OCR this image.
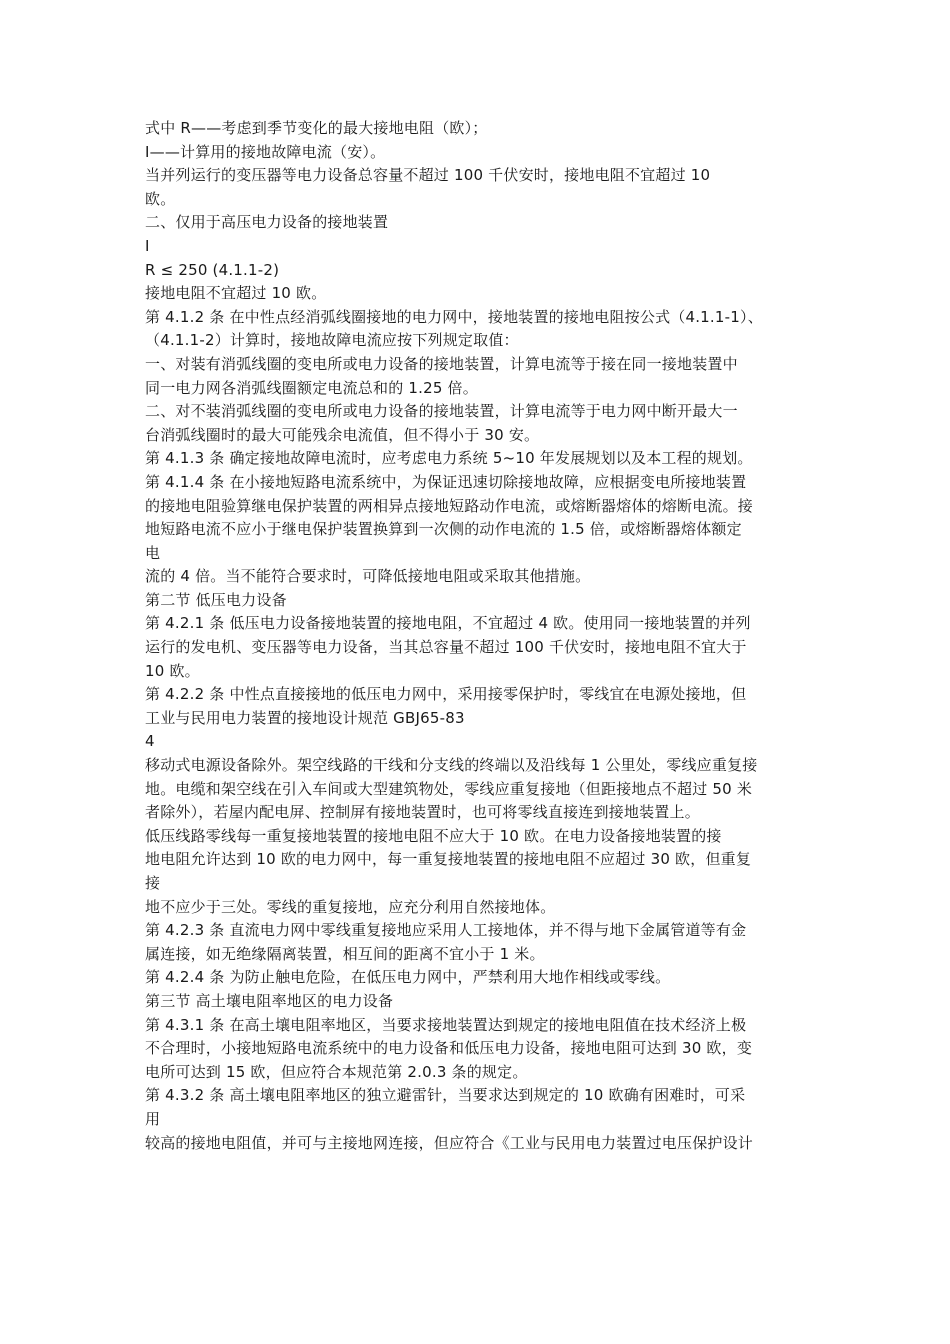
式中 R——考虑到季节变化的最大接地电阻（欧）；
I——计算用的接地故障电流（安）。
当并列运行的变压器等电力设备总容量不超过 100 千伏安时，接地电阻不宜超过 10
欧。
二、仅用于高压电力设备的接地装置
I
R ≤ 250 (4.1.1-2)
接地电阻不宜超过 10 欧。
第 4.1.2 条 在中性点经消弧线圈接地的电力网中，接地装置的接地电阻按公式（4.1.1-1）、
（4.1.1-2）计算时，接地故障电流应按下列规定取值：
一、对装有消弧线圈的变电所或电力设备的接地装置，计算电流等于接在同一接地装置中
同一电力网各消弧线圈额定电流总和的 1.25 倍。
二、对不装消弧线圈的变电所或电力设备的接地装置，计算电流等于电力网中断开最大一
台消弧线圈时的最大可能残余电流值，但不得小于 30 安。
第 4.1.3 条 确定接地故障电流时，应考虑电力系统 5~10 年发展规划以及本工程的规划。
第 4.1.4 条 在小接地短路电流系统中，为保证迅速切除接地故障，应根据变电所接地装置
的接地电阻验算继电保护装置的两相异点接地短路动作电流，或熔断器熔体的熔断电流。接
地短路电流不应小于继电保护装置换算到一次侧的动作电流的 1.5 倍，或熔断器熔体额定
电
流的 4 倍。当不能符合要求时，可降低接地电阻或采取其他措施。
第二节 低压电力设备
第 4.2.1 条 低压电力设备接地装置的接地电阻，不宜超过 4 欧。使用同一接地装置的并列
运行的发电机、变压器等电力设备，当其总容量不超过 100 千伏安时，接地电阻不宜大于
10 欧。
第 4.2.2 条 中性点直接接地的低压电力网中，采用接零保护时，零线宜在电源处接地，但
工业与民用电力装置的接地设计规范 GBJ65-83
4
移动式电源设备除外。架空线路的干线和分支线的终端以及沿线每 1 公里处，零线应重复接
地。电缆和架空线在引入车间或大型建筑物处，零线应重复接地（但距接地点不超过 50 米
者除外），若屋内配电屏、控制屏有接地装置时，也可将零线直接连到接地装置上。
低压线路零线每一重复接地装置的接地电阻不应大于 10 欧。在电力设备接地装置的接
地电阻允许达到 10 欧的电力网中，每一重复接地装置的接地电阻不应超过 30 欧，但重复
接
地不应少于三处。零线的重复接地，应充分利用自然接地体。
第 4.2.3 条 直流电力网中零线重复接地应采用人工接地体，并不得与地下金属管道等有金
属连接，如无绝缘隔离装置，相互间的距离不宜小于 1 米。
第 4.2.4 条 为防止触电危险，在低压电力网中，严禁利用大地作相线或零线。
第三节 高土壤电阻率地区的电力设备
第 4.3.1 条 在高土壤电阻率地区，当要求接地装置达到规定的接地电阻值在技术经济上极
不合理时，小接地短路电流系统中的电力设备和低压电力设备，接地电阻可达到 30 欧，变
电所可达到 15 欧，但应符合本规范第 2.0.3 条的规定。
第 4.3.2 条 高土壤电阻率地区的独立避雷针，当要求达到规定的 10 欧确有困难时，可采
用
较高的接地电阻值，并可与主接地网连接，但应符合《工业与民用电力装置过电压保护设计
